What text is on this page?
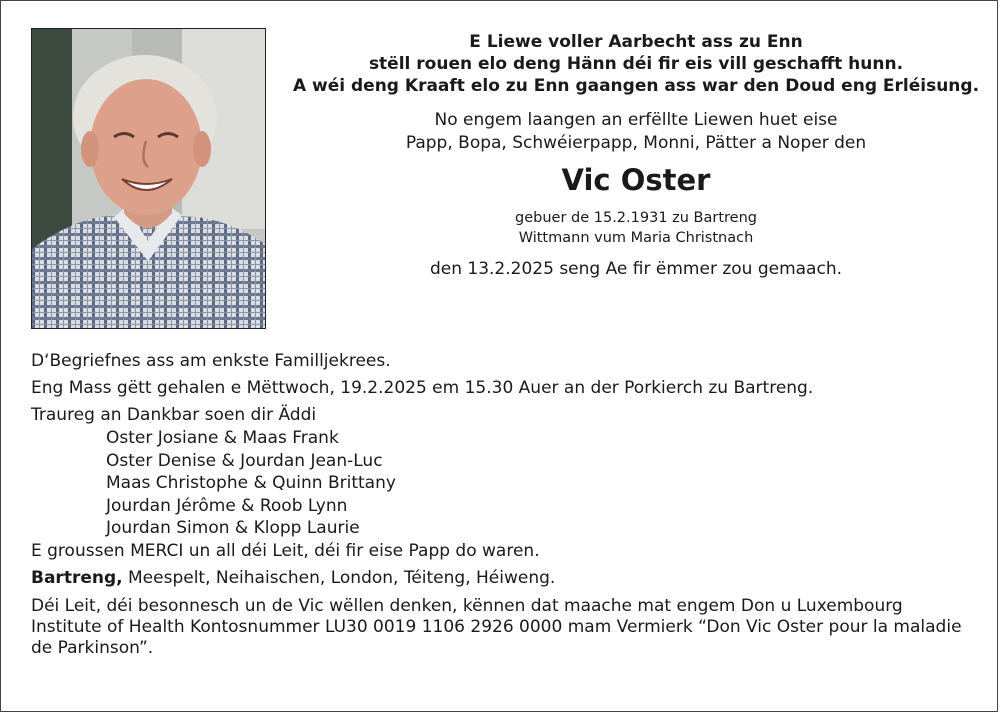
E Liewe voller Aarbecht ass zu Enn
stëll rouen elo deng Hänn déi fir eis vill geschafft hunn.
A wéi deng Kraaft elo zu Enn gaangen ass war den Doud eng Erléisung.
No engem laangen an erfëllte Liewen huet eise
Papp, Bopa, Schwéierpapp, Monni, Pätter a Noper den
Vic Oster
gebuer de 15.2.1931 zu Bartreng
Wittmann vum Maria Christnach
den 13.2.2025 seng Ae fir ëmmer zou gemaach.
D‘Begriefnes ass am enkste Familljekrees.
Eng Mass gëtt gehalen e Mëttwoch, 19.2.2025 em 15.30 Auer an der Porkierch zu Bartreng.
Traureg an Dankbar soen dir Äddi
Oster Josiane & Maas Frank
Oster Denise & Jourdan Jean-Luc
Maas Christophe & Quinn Brittany
Jourdan Jérôme & Roob Lynn
Jourdan Simon & Klopp Laurie
E groussen MERCI un all déi Leit, déi fir eise Papp do waren.
Bartreng, Meespelt, Neihaischen, London, Téiteng, Héiweng.
Déi Leit, déi besonnesch un de Vic wëllen denken, kënnen dat maache mat engem Don u Luxembourg Institute of Health Kontosnummer LU30 0019 1106 2926 0000 mam Vermierk “Don Vic Oster pour la maladie de Parkinson”.
